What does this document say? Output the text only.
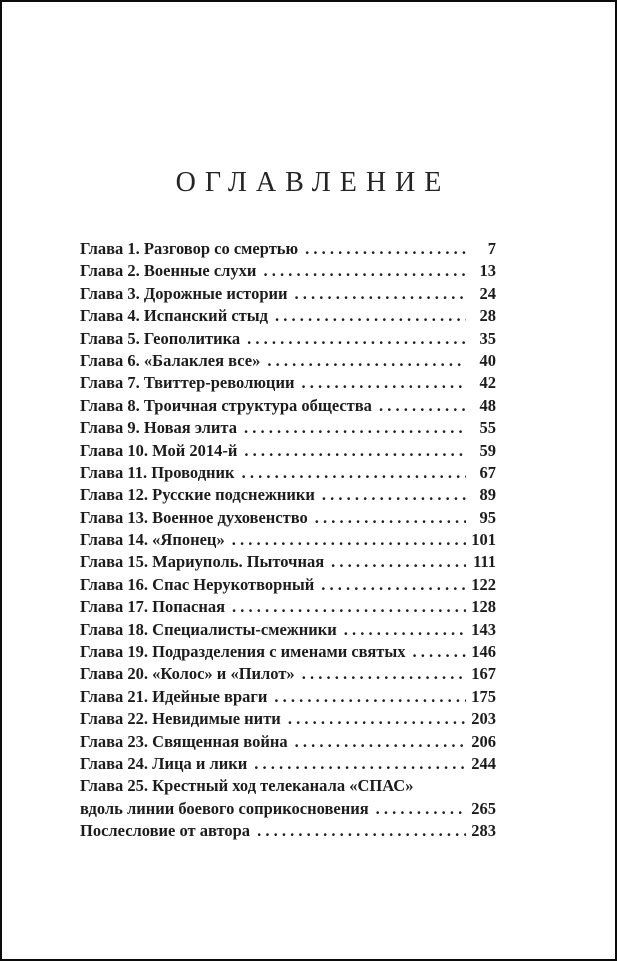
ОГЛАВЛЕНИЕ
Глава 1. Разговор со смертью . . .	7
Глава 2. Военные слухи . . .	13
Глава 3. Дорожные истории . . .	24
Глава 4. Испанский стыд . . .	28
Глава 5. Геополитика . . .	35
Глава 6. «Балаклея все» . . .	40
Глава 7. Твиттер-революции . . .	42
Глава 8. Троичная структура общества . . .	48
Глава 9. Новая элита . . .	55
Глава 10. Мой 2014-й . . .	59
Глава 11. Проводник . . .	67
Глава 12. Русские подснежники . . .	89
Глава 13. Военное духовенство . . .	95
Глава 14. «Японец» . . .	101
Глава 15. Мариуполь. Пыточная . . .	111
Глава 16. Спас Нерукотворный . . .	122
Глава 17. Попасная . . .	128
Глава 18. Специалисты-смежники . . .	143
Глава 19. Подразделения с именами святых . . .	146
Глава 20. «Колос» и «Пилот» . . .	167
Глава 21. Идейные враги . . .	175
Глава 22. Невидимые нити . . .	203
Глава 23. Священная война . . .	206
Глава 24. Лица и лики . . .	244
Глава 25. Крестный ход телеканала «СПАС»
вдоль линии боевого соприкосновения . . .	265
Послесловие от автора . . .	283
